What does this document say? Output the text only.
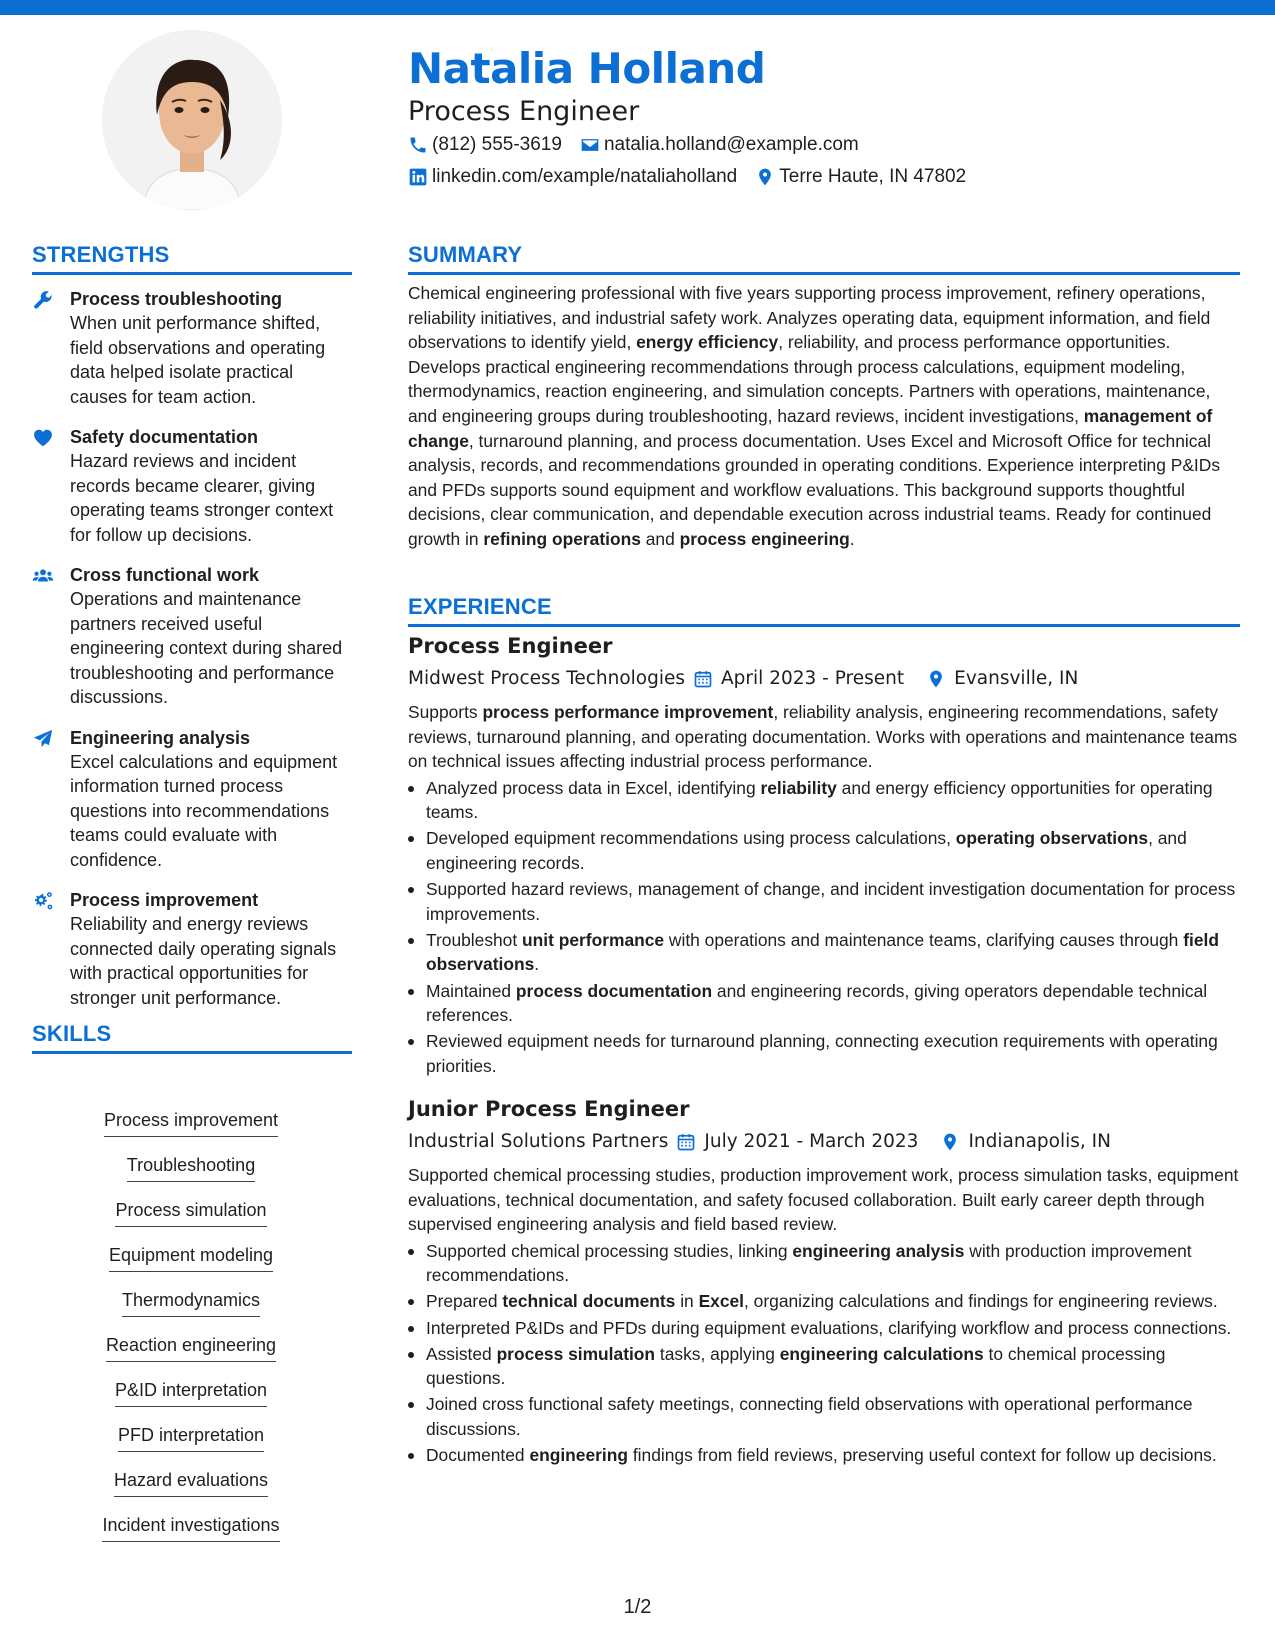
Natalia Holland
Process Engineer
(812) 555-3619 natalia.holland@example.com
linkedin.com/example/nataliaholland Terre Haute, IN 47802
STRENGTHS
Process troubleshooting
When unit performance shifted, field observations and operating data helped isolate practical causes for team action.
Safety documentation
Hazard reviews and incident records became clearer, giving operating teams stronger context for follow up decisions.
Cross functional work
Operations and maintenance partners received useful engineering context during shared troubleshooting and performance discussions.
Engineering analysis
Excel calculations and equipment information turned process questions into recommendations teams could evaluate with confidence.
Process improvement
Reliability and energy reviews connected daily operating signals with practical opportunities for stronger unit performance.
SKILLS
Process improvement
Troubleshooting
Process simulation
Equipment modeling
Thermodynamics
Reaction engineering
P&ID interpretation
PFD interpretation
Hazard evaluations
Incident investigations
SUMMARY
Chemical engineering professional with five years supporting process improvement, refinery operations, reliability initiatives, and industrial safety work. Analyzes operating data, equipment information, and field observations to identify yield, energy efficiency, reliability, and process performance opportunities. Develops practical engineering recommendations through process calculations, equipment modeling, thermodynamics, reaction engineering, and simulation concepts. Partners with operations, maintenance, and engineering groups during troubleshooting, hazard reviews, incident investigations, management of change, turnaround planning, and process documentation. Uses Excel and Microsoft Office for technical analysis, records, and recommendations grounded in operating conditions. Experience interpreting P&IDs and PFDs supports sound equipment and workflow evaluations. This background supports thoughtful decisions, clear communication, and dependable execution across industrial teams. Ready for continued growth in refining operations and process engineering.
EXPERIENCE
Process Engineer
Midwest Process Technologies April 2023 - Present	Evansville, IN
Supports process performance improvement, reliability analysis, engineering recommendations, safety reviews, turnaround planning, and operating documentation. Works with operations and maintenance teams on technical issues affecting industrial process performance.
Analyzed process data in Excel, identifying reliability and energy efficiency opportunities for operating teams.
Developed equipment recommendations using process calculations, operating observations, and engineering records.
Supported hazard reviews, management of change, and incident investigation documentation for process improvements.
Troubleshot unit performance with operations and maintenance teams, clarifying causes through field observations.
Maintained process documentation and engineering records, giving operators dependable technical references.
Reviewed equipment needs for turnaround planning, connecting execution requirements with operating priorities.
Junior Process Engineer
Industrial Solutions Partners July 2021 - March 2023	Indianapolis, IN
Supported chemical processing studies, production improvement work, process simulation tasks, equipment evaluations, technical documentation, and safety focused collaboration. Built early career depth through supervised engineering analysis and field based review.
Supported chemical processing studies, linking engineering analysis with production improvement recommendations.
Prepared technical documents in Excel, organizing calculations and findings for engineering reviews.
Interpreted P&IDs and PFDs during equipment evaluations, clarifying workflow and process connections.
Assisted process simulation tasks, applying engineering calculations to chemical processing questions.
Joined cross functional safety meetings, connecting field observations with operational performance discussions.
Documented engineering findings from field reviews, preserving useful context for follow up decisions.
1/2
